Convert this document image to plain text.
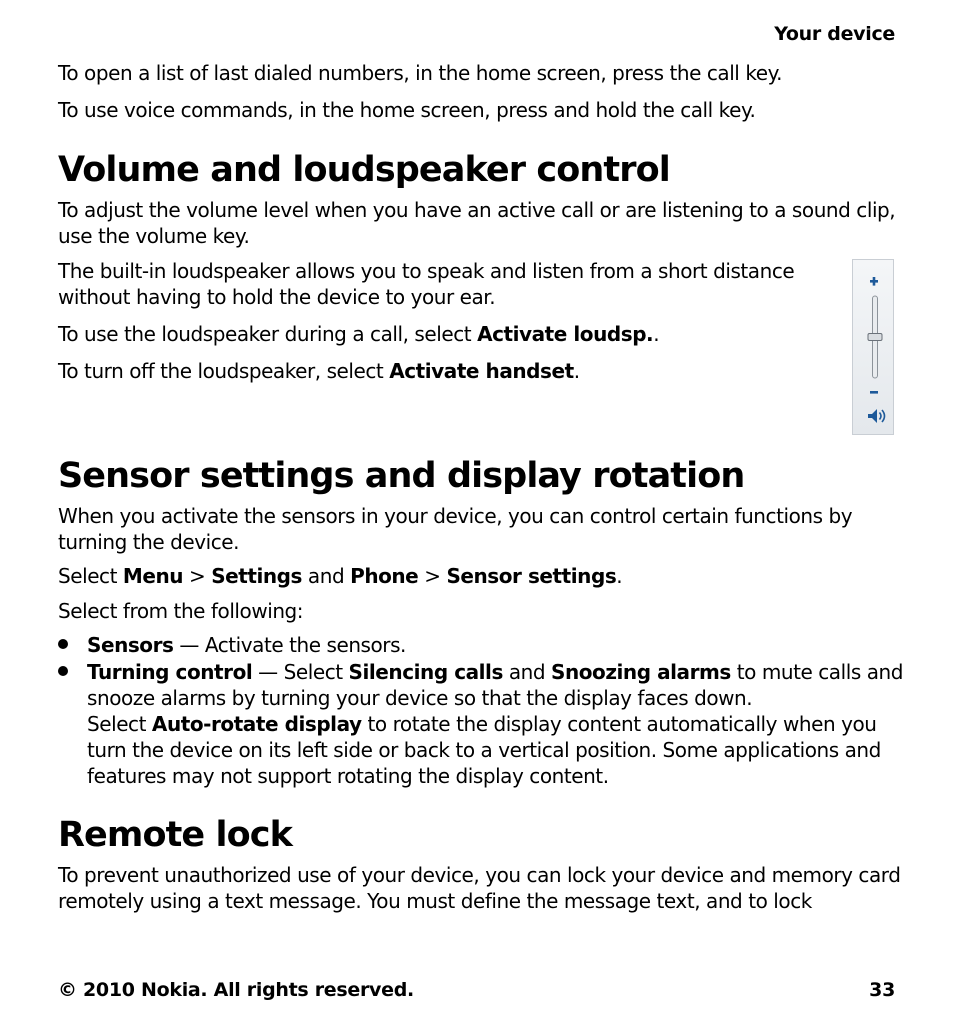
Your device

To open a list of last dialed numbers, in the home screen, press the call key.

To use voice commands, in the home screen, press and hold the call key.

Volume and loudspeaker control

To adjust the volume level when you have an active call or are listening to a sound clip, use the volume key.

The built-in loudspeaker allows you to speak and listen from a short distance without having to hold the device to your ear.

To use the loudspeaker during a call, select Activate loudsp..

To turn off the loudspeaker, select Activate handset.

Sensor settings and display rotation

When you activate the sensors in your device, you can control certain functions by turning the device.

Select Menu > Settings and Phone > Sensor settings.

Select from the following:

Sensors — Activate the sensors.

Turning control — Select Silencing calls and Snoozing alarms to mute calls and snooze alarms by turning your device so that the display faces down.
Select Auto-rotate display to rotate the display content automatically when you turn the device on its left side or back to a vertical position. Some applications and features may not support rotating the display content.

Remote lock

To prevent unauthorized use of your device, you can lock your device and memory card remotely using a text message. You must define the message text, and to lock

© 2010 Nokia. All rights reserved.	33
